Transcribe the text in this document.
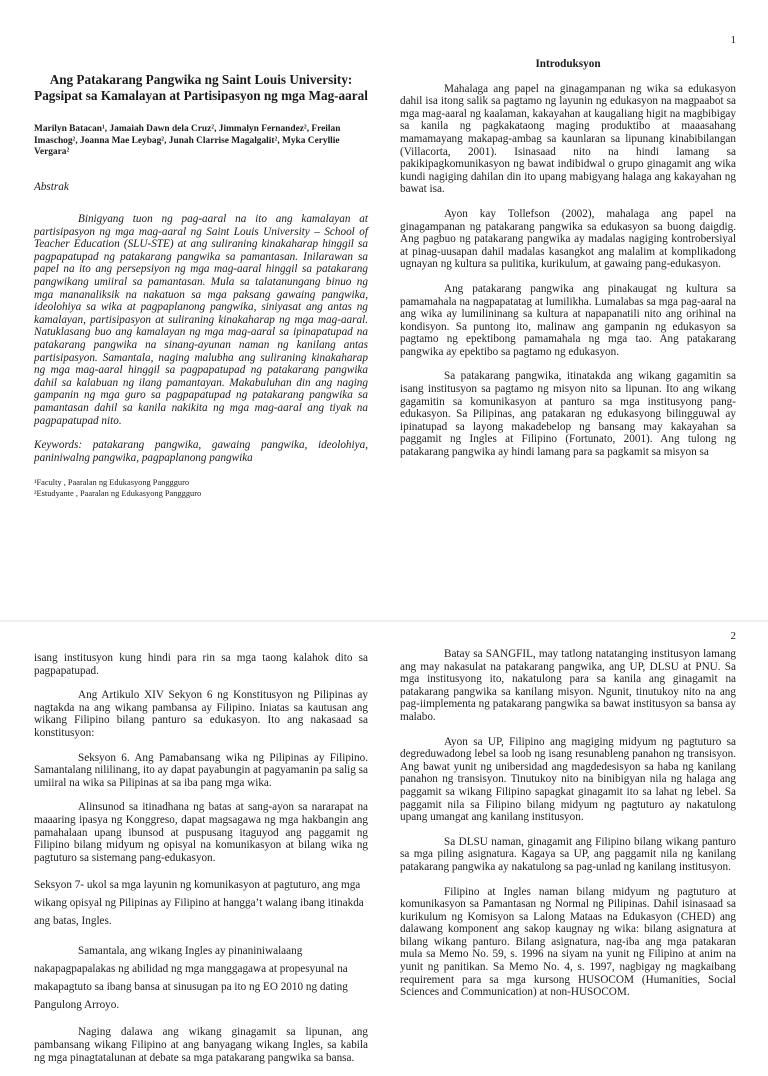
1

Ang Patakarang Pangwika ng Saint Louis University: Pagsipat sa Kamalayan at Partisipasyon ng mga Mag-aaral

Marilyn Batacan¹, Jamaiah Dawn dela Cruz², Jimmalyn Fernandez², Freilan Imaschog², Joanna Mae Leybag², Junah Clarrise Magalgalit², Myka Ceryllie Vergara²
Abstrak

Binigyang tuon ng pag-aaral na ito ang kamalayan at partisipasyon ng mga mag-aaral ng Saint Louis University – School of Teacher Education (SLU-STE) at ang suliraning kinakaharap hinggil sa pagpapatupad ng patakarang pangwika sa pamantasan. Inilarawan sa papel na ito ang persepsiyon ng mga mag-aaral hinggil sa patakarang pangwikang umiiral sa pamantasan. Mula sa talatanungang binuo ng mga mananaliksik na nakatuon sa mga paksang gawaing pangwika, ideolohiya sa wika at pagpaplanong pangwika, siniyasat ang antas ng kamalayan, partisipasyon at suliraning kinakaharap ng mga mag-aaral. Natuklasang buo ang kamalayan ng mga mag-aaral sa ipinapatupad na patakarang pangwika na sinang-ayunan naman ng kanilang antas partisipasyon. Samantala, naging malubha ang suliraning kinakaharap ng mga mag-aaral hinggil sa pagpapatupad ng patakarang pangwika dahil sa kalabuan ng ilang pamantayan. Makabuluhan din ang naging gampanin ng mga guro sa pagpapatupad ng patakarang pangwika sa pamantasan dahil sa kanila nakikita ng mga mag-aaral ang tiyak na pagpapatupad nito.

Keywords: patakarang pangwika, gawaing pangwika, ideolohiya, paniniwalng pangwika, pagpaplanong pangwika
¹Faculty , Paaralan ng Edukasyong Panggguro
²Estudyante , Paaralan ng Edukasyong Panggguro
Introduksyon

Mahalaga ang papel na ginagampanan ng wika sa edukasyon dahil isa itong salik sa pagtamo ng layunin ng edukasyon na magpaabot sa mga mag-aaral ng kaalaman, kakayahan at kaugaliang higit na magbibigay sa kanila ng pagkakataong maging produktibo at maaasahang mamamayang makapag-ambag sa kaunlaran sa lipunang kinabibilangan (Villacorta, 2001). Isinasaad nito na hindi lamang sa pakikipagkomunikasyon ng bawat indibidwal o grupo ginagamit ang wika kundi nagiging dahilan din ito upang mabigyang halaga ang kakayahan ng bawat isa.

Ayon kay Tollefson (2002), mahalaga ang papel na ginagampanan ng patakarang pangwika sa edukasyon sa buong daigdig. Ang pagbuo ng patakarang pangwika ay madalas nagiging kontrobersiyal at pinag-uusapan dahil madalas kasangkot ang malalim at komplikadong ugnayan ng kultura sa pulitika, kurikulum, at gawaing pang-edukasyon.

Ang patakarang pangwika ang pinakaugat ng kultura sa pamamahala na nagpapatatag at lumilikha. Lumalabas sa mga pag-aaral na ang wika ay lumilininang sa kultura at napapanatili nito ang orihinal na kondisyon. Sa puntong ito, malinaw ang gampanin ng edukasyon sa pagtamo ng epektibong pamamahala ng mga tao. Ang patakarang pangwika ay epektibo sa pagtamo ng edukasyon.

Sa patakarang pangwika, itinatakda ang wikang gagamitin sa isang institusyon sa pagtamo ng misyon nito sa lipunan. Ito ang wikang gagamitin sa komunikasyon at panturo sa mga institusyong pang-edukasyon. Sa Pilipinas, ang patakaran ng edukasyong bilingguwal ay ipinatupad sa layong makadebelop ng bansang may kakayahan sa paggamit ng Ingles at Filipino (Fortunato, 2001). Ang tulong ng patakarang pangwika ay hindi lamang para sa pagkamit sa misyon sa

2

isang institusyon kung hindi para rin sa mga taong kalahok dito sa pagpapatupad.

Ang Artikulo XIV Sekyon 6 ng Konstitusyon ng Pilipinas ay nagtakda na ang wikang pambansa ay Filipino. Iniatas sa kautusan ang wikang Filipino bilang panturo sa edukasyon. Ito ang nakasaad sa konstitusyon:

Seksyon 6. Ang Pamabansang wika ng Pilipinas ay Filipino. Samantalang nililinang, ito ay dapat payabungin at pagyamanin pa salig sa umiiral na wika sa Pilipinas at sa iba pang mga wika.

Alinsunod sa itinadhana ng batas at sang-ayon sa nararapat na maaaring ipasya ng Konggreso, dapat magsagawa ng mga hakbangin ang pamahalaan upang ibunsod at puspusang itaguyod ang paggamit ng Filipino bilang midyum ng opisyal na komunikasyon at bilang wika ng pagtuturo sa sistemang pang-edukasyon.

Seksyon 7- ukol sa mga layunin ng komunikasyon at pagtuturo, ang mga wikang opisyal ng Pilipinas ay Filipino at hangga’t walang ibang itinakda ang batas, Ingles.

Samantala, ang wikang Ingles ay pinaniniwalaang nakapagpapalakas ng abilidad ng mga manggagawa at propesyunal na makapagtuto sa ibang bansa at sinusugan pa ito ng EO 2010 ng dating Pangulong Arroyo.

Naging dalawa ang wikang ginagamit sa lipunan, ang pambansang wikang Filipino at ang banyagang wikang Ingles, sa kabila ng mga pinagtatalunan at debate sa mga patakarang pangwika sa bansa.

Batay sa SANGFIL, may tatlong natatanging institusyon lamang ang may nakasulat na patakarang pangwika, ang UP, DLSU at PNU. Sa mga institusyong ito, nakatulong para sa kanila ang ginagamit na patakarang pangwika sa kanilang misyon. Ngunit, tinutukoy nito na ang pag-iimplementa ng patakarang pangwika sa bawat institusyon sa bansa ay malabo.

Ayon sa UP, Filipino ang magiging midyum ng pagtuturo sa degreduwadong lebel sa loob ng isang resunableng panahon ng transisyon. Ang bawat yunit ng unibersidad ang magdedesisyon sa haba ng kanilang panahon ng transisyon. Tinutukoy nito na binibigyan nila ng halaga ang paggamit sa wikang Filipino sapagkat ginagamit ito sa lahat ng lebel. Sa paggamit nila sa Filipino bilang midyum ng pagtuturo ay nakatulong upang umangat ang kanilang institusyon.

Sa DLSU naman, ginagamit ang Filipino bilang wikang panturo sa mga piling asignatura. Kagaya sa UP, ang paggamit nila ng kanilang patakarang pangwika ay nakatulong sa pag-unlad ng kanilang institusyon.

Filipino at Ingles naman bilang midyum ng pagtuturo at komunikasyon sa Pamantasan ng Normal ng Pilipinas. Dahil isinasaad sa kurikulum ng Komisyon sa Lalong Mataas na Edukasyon (CHED) ang dalawang komponent ang sakop kaugnay ng wika: bilang asignatura at bilang wikang panturo. Bilang asignatura, nag-iba ang mga patakaran mula sa Memo No. 59, s. 1996 na siyam na yunit ng Filipino at anim na yunit ng panitikan. Sa Memo No. 4, s. 1997, nagbigay ng magkaibang requirement para sa mga kursong HUSOCOM (Humanities, Social Sciences and Communication) at non-HUSOCOM.
